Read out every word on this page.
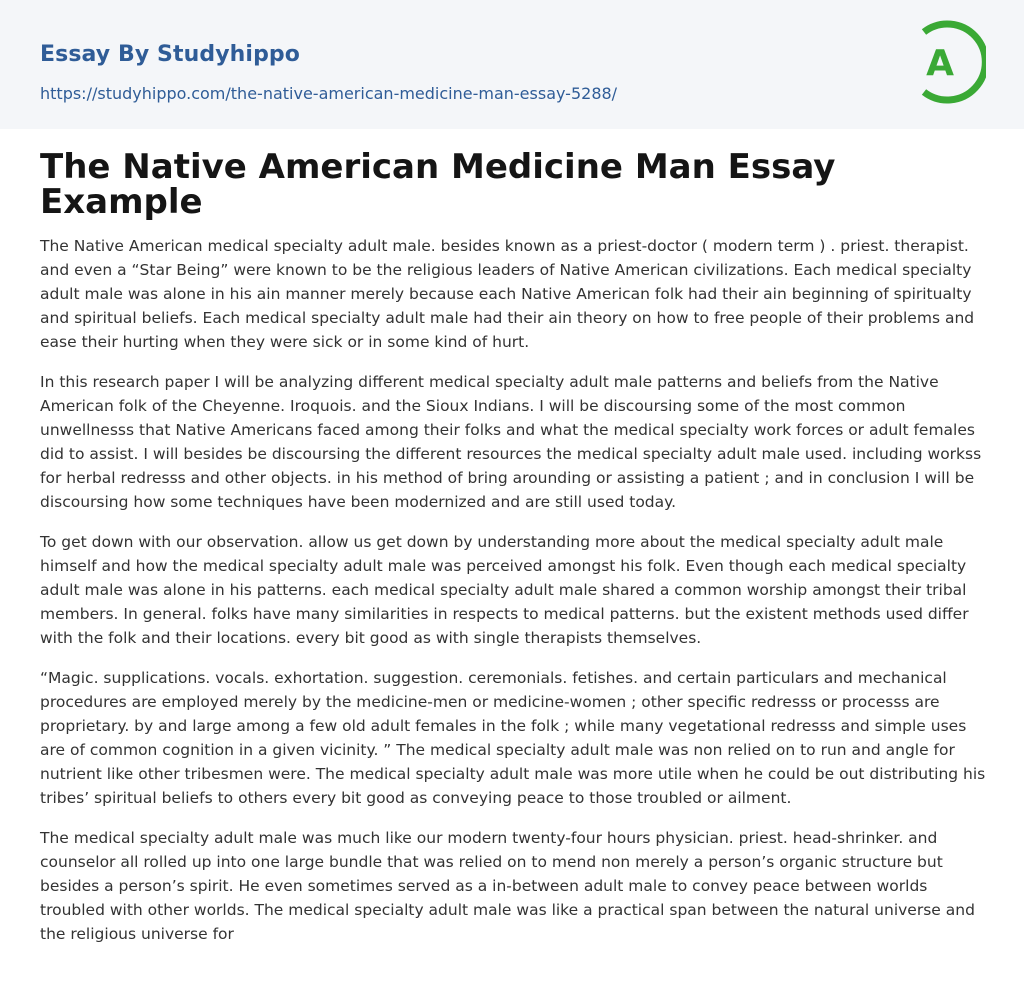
Essay By Studyhippo
https://studyhippo.com/the-native-american-medicine-man-essay-5288/
A
The Native American Medicine Man Essay Example

The Native American medical specialty adult male. besides known as a priest-doctor ( modern term ) . priest. therapist. and even a “Star Being” were known to be the religious leaders of Native American civilizations. Each medical specialty adult male was alone in his ain manner merely because each Native American folk had their ain beginning of spiritualty and spiritual beliefs. Each medical specialty adult male had their ain theory on how to free people of their problems and ease their hurting when they were sick or in some kind of hurt.

In this research paper I will be analyzing different medical specialty adult male patterns and beliefs from the Native American folk of the Cheyenne. Iroquois. and the Sioux Indians. I will be discoursing some of the most common unwellnesss that Native Americans faced among their folks and what the medical specialty work forces or adult females did to assist. I will besides be discoursing the different resources the medical specialty adult male used. including workss for herbal redresss and other objects. in his method of bring arounding or assisting a patient ; and in conclusion I will be discoursing how some techniques have been modernized and are still used today.

To get down with our observation. allow us get down by understanding more about the medical specialty adult male himself and how the medical specialty adult male was perceived amongst his folk. Even though each medical specialty adult male was alone in his patterns. each medical specialty adult male shared a common worship amongst their tribal members. In general. folks have many similarities in respects to medical patterns. but the existent methods used differ with the folk and their locations. every bit good as with single therapists themselves.

“Magic. supplications. vocals. exhortation. suggestion. ceremonials. fetishes. and certain particulars and mechanical procedures are employed merely by the medicine-men or medicine-women ; other specific redresss or processs are proprietary. by and large among a few old adult females in the folk ; while many vegetational redresss and simple uses are of common cognition in a given vicinity. ” The medical specialty adult male was non relied on to run and angle for nutrient like other tribesmen were. The medical specialty adult male was more utile when he could be out distributing his tribes’ spiritual beliefs to others every bit good as conveying peace to those troubled or ailment.

The medical specialty adult male was much like our modern twenty-four hours physician. priest. head-shrinker. and counselor all rolled up into one large bundle that was relied on to mend non merely a person’s organic structure but besides a person’s spirit. He even sometimes served as a in-between adult male to convey peace between worlds troubled with other worlds. The medical specialty adult male was like a practical span between the natural universe and the religious universe for
